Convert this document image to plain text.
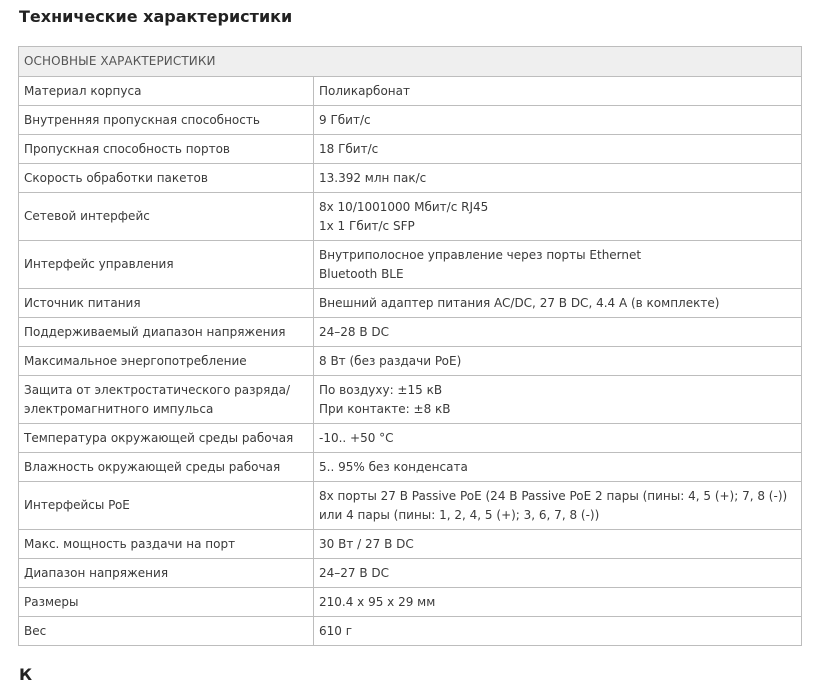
Технические характеристики
ОСНОВНЫЕ ХАРАКТЕРИСТИКИ	

Материал корпуса	Поликарбонат

Внутренняя пропускная способность	9 Гбит/с

Пропускная способность портов	18 Гбит/с

Скорость обработки пакетов	13.392 млн пак/с

Сетевой интерфейс	8x 10/1001000 Мбит/с RJ45
1x 1 Гбит/с SFP

Интерфейс управления	Внутриполосное управление через порты Ethernet
Bluetooth BLE

Источник питания	Внешний адаптер питания AC/DC, 27 В DC, 4.4 А (в комплекте)

Поддерживаемый диапазон напряжения	24–28 В DC

Максимальное энергопотребление	8 Вт (без раздачи PoE)

Защита от электростатического разряда/
электромагнитного импульса	По воздуху: ±15 кВ
При контакте: ±8 кВ

Температура окружающей среды рабочая	-10.. +50 °C

Влажность окружающей среды рабочая	5.. 95% без конденсата

Интерфейсы PoE	8x порты 27 В Passive PoE (24 В Passive PoE 2 пары (пины: 4, 5 (+); 7, 8 (-))
или 4 пары (пины: 1, 2, 4, 5 (+); 3, 6, 7, 8 (-))

Макс. мощность раздачи на порт	30 Вт / 27 В DC

Диапазон напряжения	24–27 В DC

Размеры	210.4 x 95 x 29 мм

Вес	610 г
К
